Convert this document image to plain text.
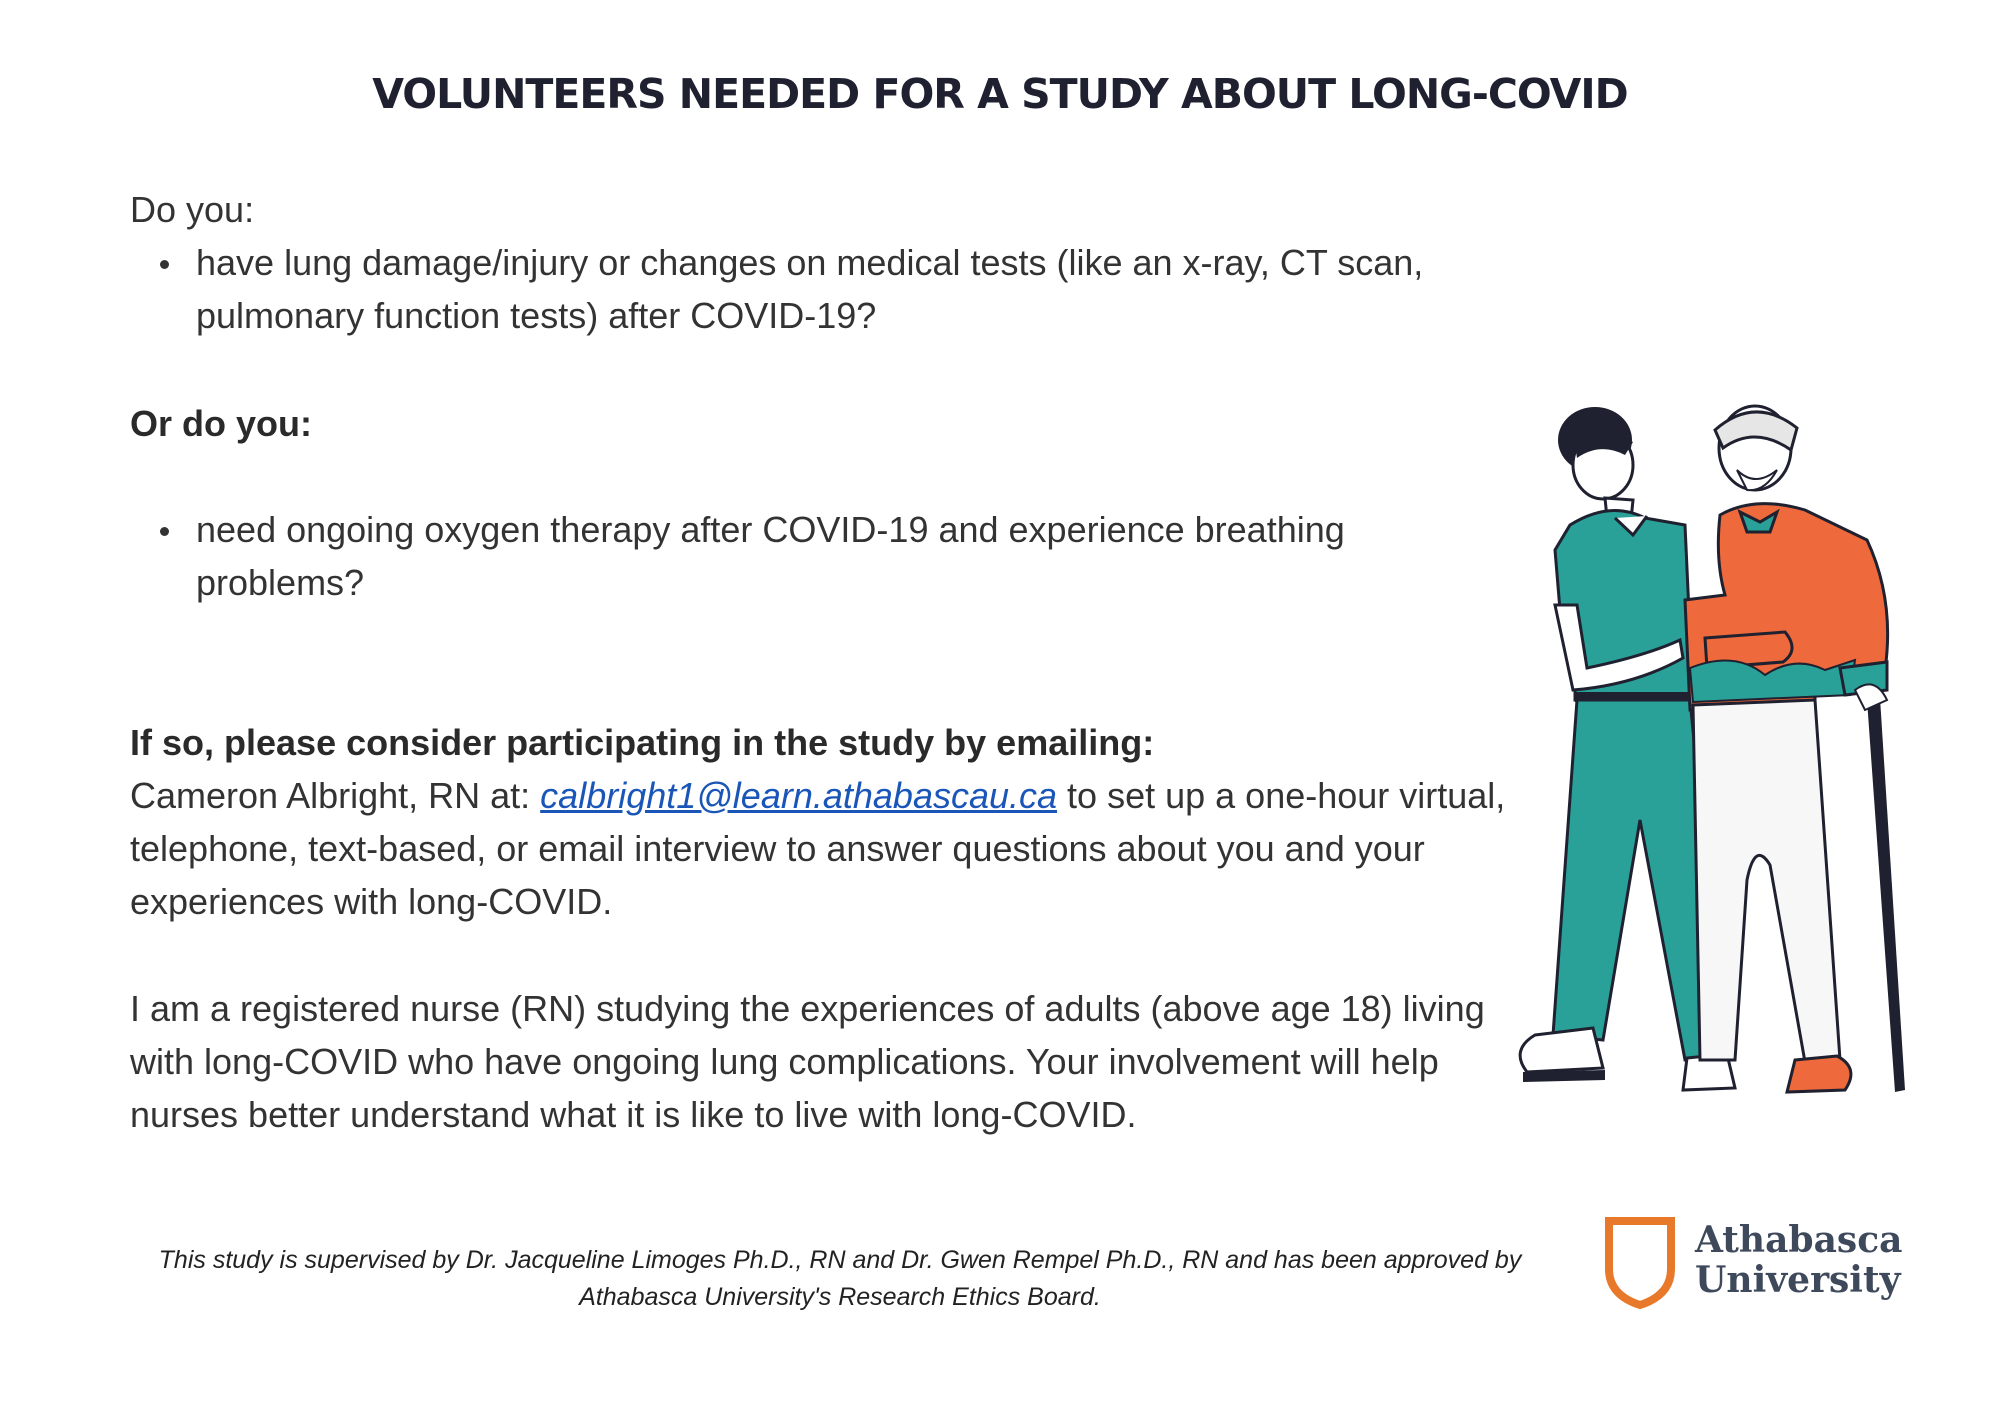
VOLUNTEERS NEEDED FOR A STUDY ABOUT LONG-COVID

Do you:

have lung damage/injury or changes on medical tests (like an x-ray, CT scan, pulmonary function tests) after COVID-19?

Or do you:

need ongoing oxygen therapy after COVID-19 and experience breathing problems?

If so, please consider participating in the study by emailing:

Cameron Albright, RN at: calbright1@learn.athabascau.ca to set up a one-hour virtual, telephone, text-based, or email interview to answer questions about you and your experiences with long-COVID.

I am a registered nurse (RN) studying the experiences of adults (above age 18) living with long-COVID who have ongoing lung complications. Your involvement will help nurses better understand what it is like to live with long-COVID.

This study is supervised by Dr. Jacqueline Limoges Ph.D., RN and Dr. Gwen Rempel Ph.D., RN and has been approved by Athabasca University's Research Ethics Board.

Athabasca
University
